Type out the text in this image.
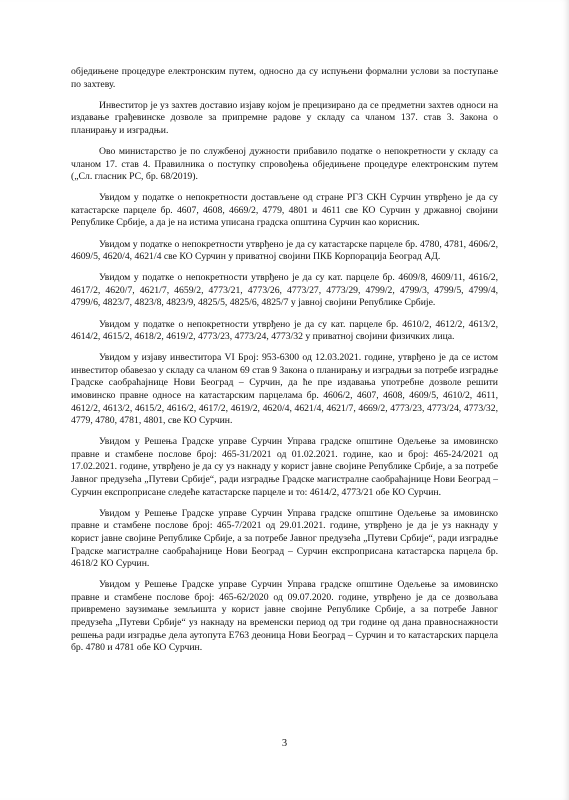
обједињене процедуре електронским путем, односно да су испуњени формални услови за поступање по захтеву.

Инвеститор је уз захтев доставио изјаву којом је прецизирано да се предметни захтев односи на издавање грађевинске дозволе за припремне радове у складу са чланом 137. став 3. Закона о планирању и изградњи.

Ово министарство је по службеној дужности прибавило податке о непокретности у складу са чланом 17. став 4. Правилника о поступку спровођења обједињене процедуре електронским путем („Сл. гласник РС, бр. 68/2019).

Увидом у податке о непокретности достављене од стране РГЗ СКН Сурчин утврђено је да су катастарске парцеле бр. 4607, 4608, 4669/2, 4779, 4801 и 4611 све КО Сурчин у државној својини Републике Србије, а да је на истима уписана градска општина Сурчин као корисник.

Увидом у податке о непокретности утврђено је да су катастарске парцеле бр. 4780, 4781, 4606/2, 4609/5, 4620/4, 4621/4 све КО Сурчин у приватној својини ПКБ Корпорација Београд АД.

Увидом у податке о непокретности утврђено је да су кат. парцеле бр. 4609/8, 4609/11, 4616/2, 4617/2, 4620/7, 4621/7, 4659/2, 4773/21, 4773/26, 4773/27, 4773/29, 4799/2, 4799/3, 4799/5, 4799/4, 4799/6, 4823/7, 4823/8, 4823/9, 4825/5, 4825/6, 4825/7 у јавној својини Републике Србије.

Увидом у податке о непокретности утврђено је да су кат. парцеле бр. 4610/2, 4612/2, 4613/2, 4614/2, 4615/2, 4618/2, 4619/2, 4773/23, 4773/24, 4773/32 у приватној својини физичких лица.

Увидом у изјаву инвеститора VI Број: 953-6300 од 12.03.2021. године, утврђено је да се истом инвеститор обавезао у складу са чланом 69 став 9 Закона о планирању и изградњи за потребе изградње Градске саобраћајнице Нови Београд – Сурчин, да ће пре издавања употребне дозволе решити имовинско правне односе на катастарским парцелама бр. 4606/2, 4607, 4608, 4609/5, 4610/2, 4611, 4612/2, 4613/2, 4615/2, 4616/2, 4617/2, 4619/2, 4620/4, 4621/4, 4621/7, 4669/2, 4773/23, 4773/24, 4773/32, 4779, 4780, 4781, 4801, све КО Сурчин.

Увидом у Решења Градске управе Сурчин Управа градске општине Одељење за имовинско правне и стамбене послове број: 465-31/2021 од 01.02.2021. године, као и број: 465-24/2021 од 17.02.2021. године, утврђено је да су уз накнаду у корист јавне својине Републике Србије, а за потребе Јавног предузећа „Путеви Србије“, ради изградње Градске магистралне саобраћајнице Нови Београд – Сурчин експроприсане следеће катастарске парцеле и то: 4614/2, 4773/21 обе КО Сурчин.

Увидом у Решење Градске управе Сурчин Управа градске општине Одељење за имовинско правне и стамбене послове број: 465-7/2021 од 29.01.2021. године, утврђено је да је уз накнаду у корист јавне својине Републике Србије, а за потребе Јавног предузећа „Путеви Србије“, ради изградње Градске магистралне саобраћајнице Нови Београд – Сурчин експроприсана катастарска парцела бр. 4618/2 КО Сурчин.

Увидом у Решење Градске управе Сурчин Управа градске општине Одељење за имовинско правне и стамбене послове број: 465-62/2020 од 09.07.2020. године, утврђено је да се дозвољава привремено заузимање земљишта у корист јавне својине Републике Србије, а за потребе Јавног предузећа „Путеви Србије“ уз накнаду на временски период од три године од дана правноснажности решења ради изградње дела аутопута Е763 деоница Нови Београд – Сурчин и то катастарских парцела бр. 4780 и 4781 обе КО Сурчин.

3
